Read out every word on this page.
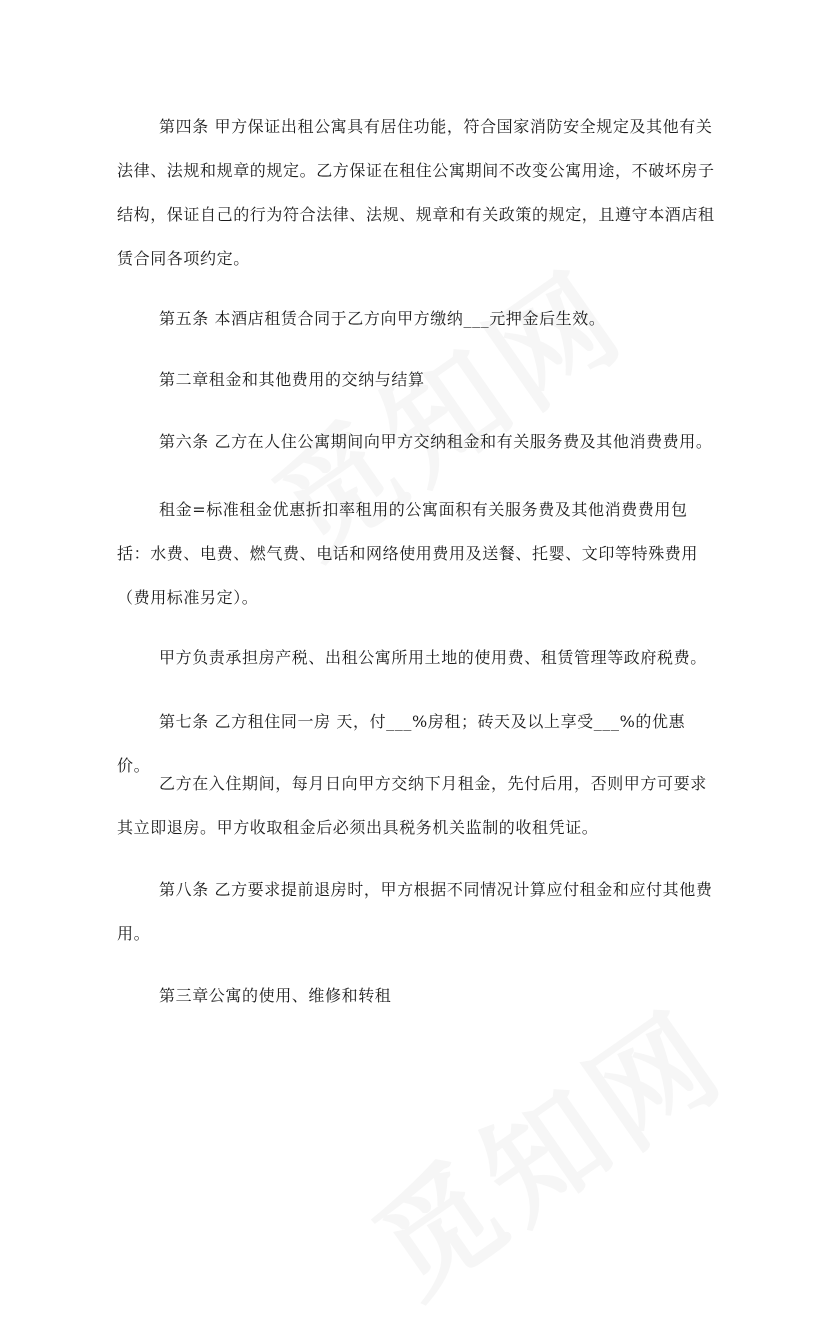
第四条 甲方保证出租公寓具有居住功能，符合国家消防安全规定及其他有关法律、法规和规章的规定。乙方保证在租住公寓期间不改变公寓用途，不破坏房子结构，保证自己的行为符合法律、法规、规章和有关政策的规定，且遵守本酒店租赁合同各项约定。

第五条 本酒店租赁合同于乙方向甲方缴纳___元押金后生效。

第二章租金和其他费用的交纳与结算

第六条 乙方在人住公寓期间向甲方交纳租金和有关服务费及其他消费费用。

租金=标准租金优惠折扣率租用的公寓面积有关服务费及其他消费费用包括：水费、电费、燃气费、电话和网络使用费用及送餐、托婴、文印等特殊费用（费用标准另定）。

甲方负责承担房产税、出租公寓所用土地的使用费、租赁管理等政府税费。

第七条 乙方租住同一房 天，付___%房租；砖天及以上享受___%的优惠价。

乙方在入住期间，每月日向甲方交纳下月租金，先付后用，否则甲方可要求其立即退房。甲方收取租金后必须出具税务机关监制的收租凭证。

第八条 乙方要求提前退房时，甲方根据不同情况计算应付租金和应付其他费用。

第三章公寓的使用、维修和转租
